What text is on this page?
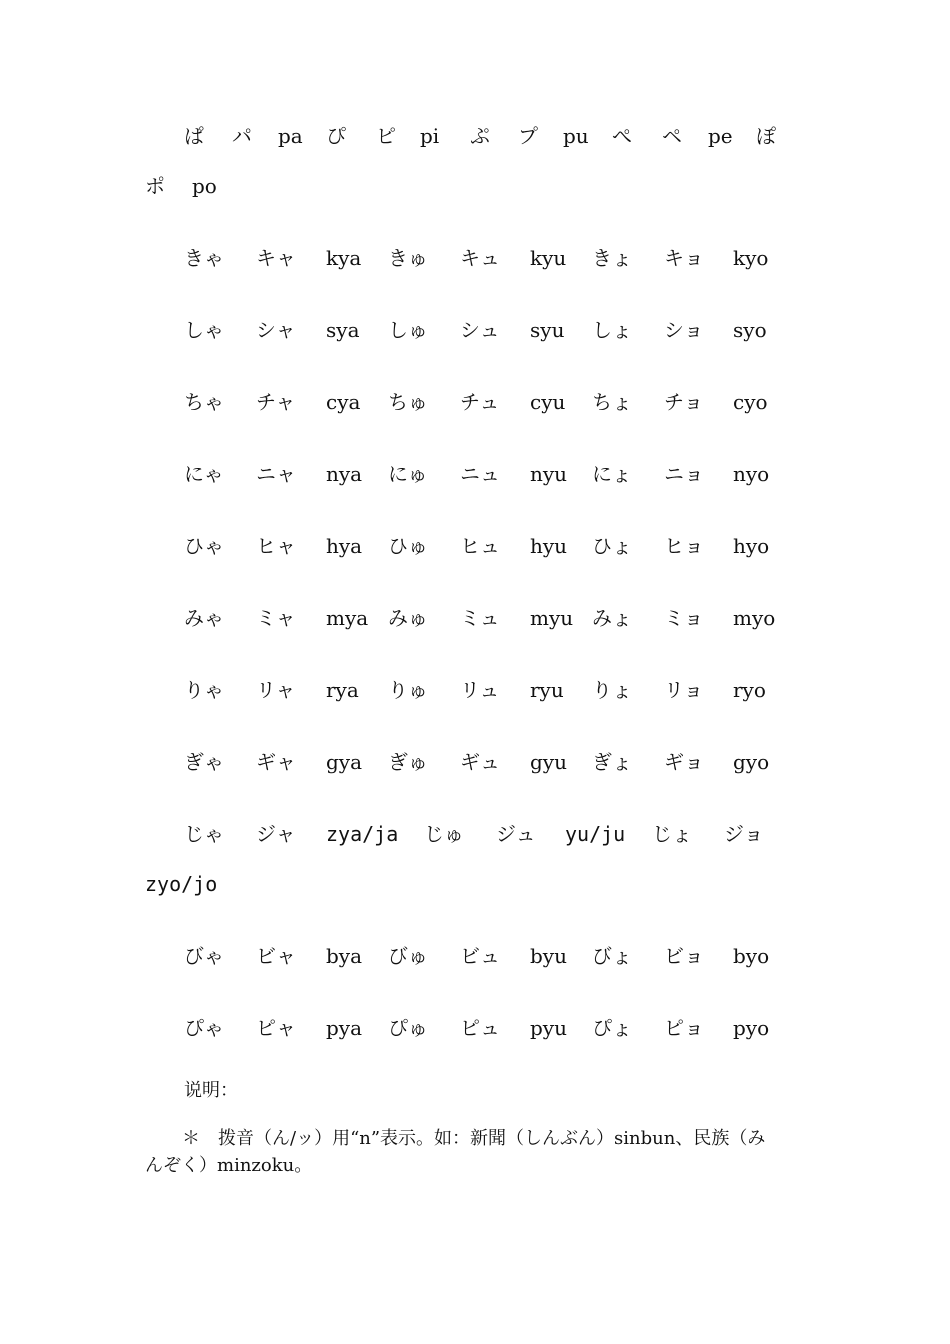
ぱ パ pa ぴ ピ pi ぷ プ pu ぺ ペ pe ぽ
ポ po
きゃ キャ kya きゅ キュ kyu きょ キョ kyo
しゃ シャ sya しゅ シュ syu しょ ショ syo
ちゃ チャ cya ちゅ チュ cyu ちょ チョ cyo
にゃ ニャ nya にゅ ニュ nyu にょ ニョ nyo
ひゃ ヒャ hya ひゅ ヒュ hyu ひょ ヒョ hyo
みゃ ミャ mya みゅ ミュ myu みょ ミョ myo
りゃ リャ rya りゅ リュ ryu りょ リョ ryo
ぎゃ ギャ gya ぎゅ ギュ gyu ぎょ ギョ gyo
じゃ ジャ zya/ja じゅ ジュ yu/ju じょ ジョ
zyo/jo
びゃ ビャ bya びゅ ビュ byu びょ ビョ byo
ぴゃ ピャ pya ぴゅ ピュ pyu ぴょ ピョ pyo
说明：
＊　拨音（ん/ッ）用“n”表示。如：新聞（しんぶん）sinbun、民族（み
んぞく）minzoku。
